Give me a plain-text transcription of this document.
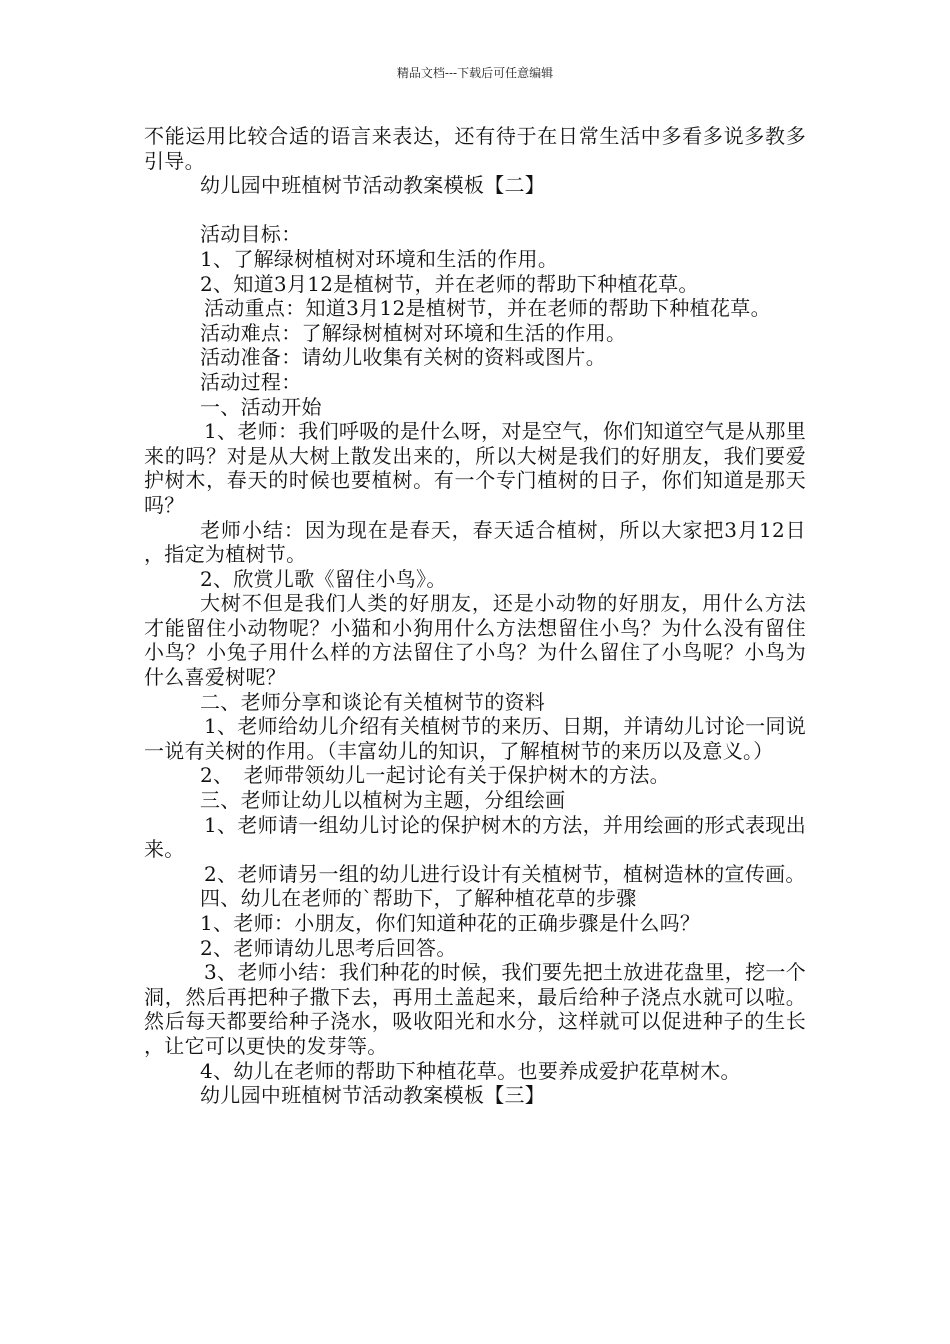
精品文档---下载后可任意编辑

不能运用比较合适的语言来表达，还有待于在日常生活中多看多说多教多引导。

幼儿园中班植树节活动教案模板【二】

活动目标：

1、了解绿树植树对环境和生活的作用。

2、知道3月12是植树节，并在老师的帮助下种植花草。

活动重点：知道3月12是植树节，并在老师的帮助下种植花草。

活动难点：了解绿树植树对环境和生活的作用。

活动准备：请幼儿收集有关树的资料或图片。

活动过程：

一、活动开始

1、老师：我们呼吸的是什么呀，对是空气，你们知道空气是从那里来的吗？对是从大树上散发出来的，所以大树是我们的好朋友，我们要爱护树木，春天的时候也要植树。有一个专门植树的日子，你们知道是那天吗？

老师小结：因为现在是春天，春天适合植树，所以大家把3月12日，指定为植树节。

2、欣赏儿歌《留住小鸟》。

大树不但是我们人类的好朋友，还是小动物的好朋友，用什么方法才能留住小动物呢？小猫和小狗用什么方法想留住小鸟？为什么没有留住小鸟？小兔子用什么样的方法留住了小鸟？为什么留住了小鸟呢？小鸟为什么喜爱树呢？

二、老师分享和谈论有关植树节的资料

1、老师给幼儿介绍有关植树节的来历、日期，并请幼儿讨论一同说一说有关树的作用。（丰富幼儿的知识，了解植树节的来历以及意义。）

2、　老师带领幼儿一起讨论有关于保护树木的方法。

三、老师让幼儿以植树为主题，分组绘画

1、老师请一组幼儿讨论的保护树木的方法，并用绘画的形式表现出来。

2、老师请另一组的幼儿进行设计有关植树节，植树造林的宣传画。

四、幼儿在老师的`帮助下，了解种植花草的步骤

1、老师：小朋友，你们知道种花的正确步骤是什么吗？

2、老师请幼儿思考后回答。

3、老师小结：我们种花的时候，我们要先把土放进花盘里，挖一个洞，然后再把种子撒下去，再用土盖起来，最后给种子浇点水就可以啦。然后每天都要给种子浇水，吸收阳光和水分，这样就可以促进种子的生长，让它可以更快的发芽等。

4、幼儿在老师的帮助下种植花草。也要养成爱护花草树木。

幼儿园中班植树节活动教案模板【三】
